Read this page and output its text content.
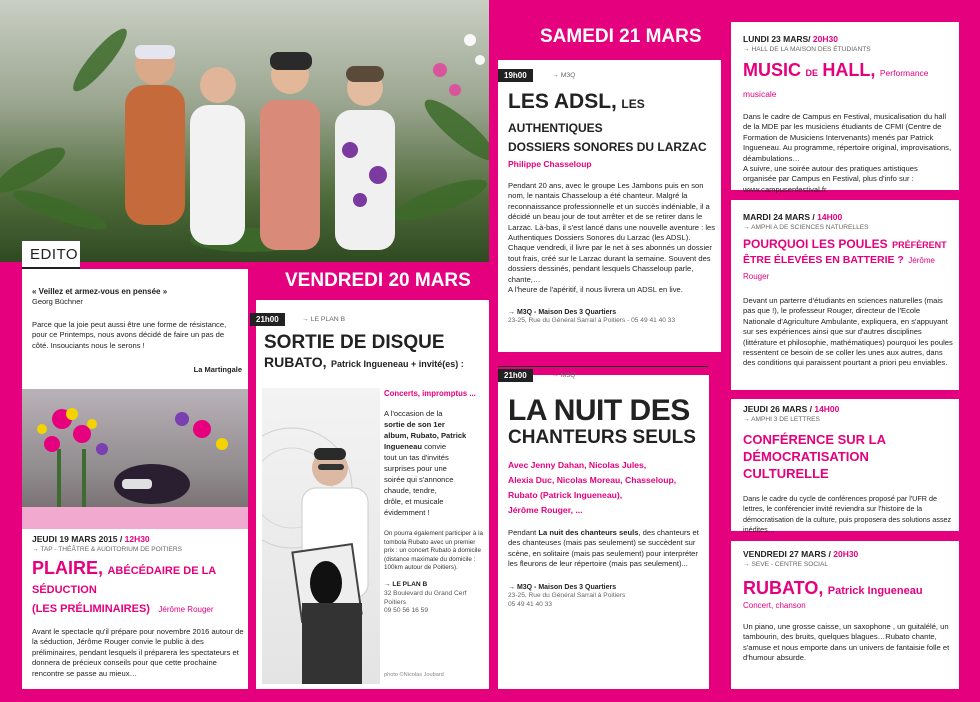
EDITO
« Veillez et armez-vous en pensée »
Georg Büchner
Parce que la joie peut aussi être une forme de résistance, pour ce Printemps, nous avons décidé de faire un pas de côté. Insouciants nous le serons !
La Martingale
JEUDI 19 MARS 2015 / 12H30
→ TAP - THÉÂTRE & AUDITORIUM DE POITIERS
PLAIRE, ABÉCÉDAIRE DE LA SÉDUCTION
(LES PRÉLIMINAIRES) Jérôme Rouger
Avant le spectacle qu'il prépare pour novembre 2016 autour de la séduction, Jérôme Rouger convie le public à des préliminaires, pendant lesquels il préparera les spectateurs et donnera de précieux conseils pour que cette prochaine rencontre se passe au mieux…
VENDREDI 20 MARS
21h00	→ LE PLAN B
SORTIE DE DISQUE
RUBATO, Patrick Ingueneau + invité(es) :
Concerts, impromptus ...
A l'occasion de la
sortie de son 1er
album, Rubato, Patrick
Ingueneau convie
tout un tas d'invités
surprises pour une
soirée qui s'annonce
chaude, tendre,
drôle, et musicale
évidemment !
On pourra également participer à la tombola Rubato avec un premier prix : un concert Rubato à domicile (distance maximale du domicile : 100km autour de Poitiers).
→ LE PLAN B
32 Boulevard du Grand Cerf Poitiers
09 50 56 16 59
photo ©Nicolas Joubard
SAMEDI 21 MARS
19h00	→ M3Q
LES ADSL, LES AUTHENTIQUES
DOSSIERS SONORES DU LARZAC
Philippe Chasseloup
Pendant 20 ans, avec le groupe Les Jambons puis en son nom, le nantais Chasseloup a été chanteur. Malgré la reconnaissance professionnelle et un succès indéniable, il a décidé un beau jour de tout arrêter et de se retirer dans le Larzac. Là-bas, il s'est lancé dans une nouvelle aventure : les Authentiques Dossiers Sonores du Larzac (les ADSL). Chaque vendredi, il livre par le net à ses abonnés un dossier tout frais, créé sur le Larzac durant la semaine. Souvent des dossiers dessinés, pendant lesquels Chasseloup parle, chante,…
A l'heure de l'apéritif, il nous livrera un ADSL en live.
→ M3Q - Maison Des 3 Quartiers
23-25, Rue du Général Sarrail à Poitiers - 05 49 41 40 33
21h00	→ M3Q
LA NUIT DES
CHANTEURS SEULS
Avec Jenny Dahan, Nicolas Jules,
Alexia Duc, Nicolas Moreau, Chasseloup,
Rubato (Patrick Ingueneau),
Jérôme Rouger, ...
Pendant La nuit des chanteurs seuls, des chanteurs et des chanteuses (mais pas seulement) se succèdent sur scène, en solitaire (mais pas seulement) pour interpréter les fleurons de leur répertoire (mais pas seulement)...
→ M3Q - Maison Des 3 Quartiers
23-25, Rue du Général Sarrail à Poitiers
05 49 41 40 33
LUNDI 23 MARS/ 20H30
→ HALL DE LA MAISON DES ÉTUDIANTS
MUSIC DE HALL, Performance musicale
Dans le cadre de Campus en Festival, musicalisation du hall de la MDE par les musiciens étudiants de CFMI (Centre de Formation de Musiciens Intervenants) menés par Patrick Ingueneau. Au programme, répertoire original, improvisations, déambulations…
A suivre, une soirée autour des pratiques artistiques organisée par Campus en Festival, plus d'info sur : www.campusenfestival.fr
MARDI 24 MARS / 14H00
→ AMPHI A DE SCIENCES NATURELLES
POURQUOI LES POULES PRÉFÈRENT
ÊTRE ÉLEVÉES EN BATTERIE ? Jérôme Rouger
Devant un parterre d'étudiants en sciences naturelles (mais pas que !), le professeur Rouger, directeur de l'Ecole Nationale d'Agriculture Ambulante, expliquera, en s'appuyant sur ses expériences ainsi que sur d'autres disciplines (littérature et philosophie, mathématiques) pourquoi les poules ressentent ce besoin de se coller les unes aux autres, dans des conditions qui paraissent pourtant a priori peu enviables.
JEUDI 26 MARS / 14H00
→ AMPHI 3 DE LETTRES
CONFÉRENCE SUR LA
DÉMOCRATISATION CULTURELLE
Dans le cadre du cycle de conférences proposé par l'UFR de lettres, le conférencier invité reviendra sur l'histoire de la démocratisation de la culture, puis proposera des solutions assez inédites…
VENDREDI 27 MARS / 20H30
→ SEVE - CENTRE SOCIAL
RUBATO, Patrick Ingueneau
Concert, chanson
Un piano, une grosse caisse, un saxophone , un guitalélé, un tambourin, des bruits, quelques blagues…Rubato chante, s'amuse et nous emporte dans un univers de fantaisie folle et d'humour absurde.
